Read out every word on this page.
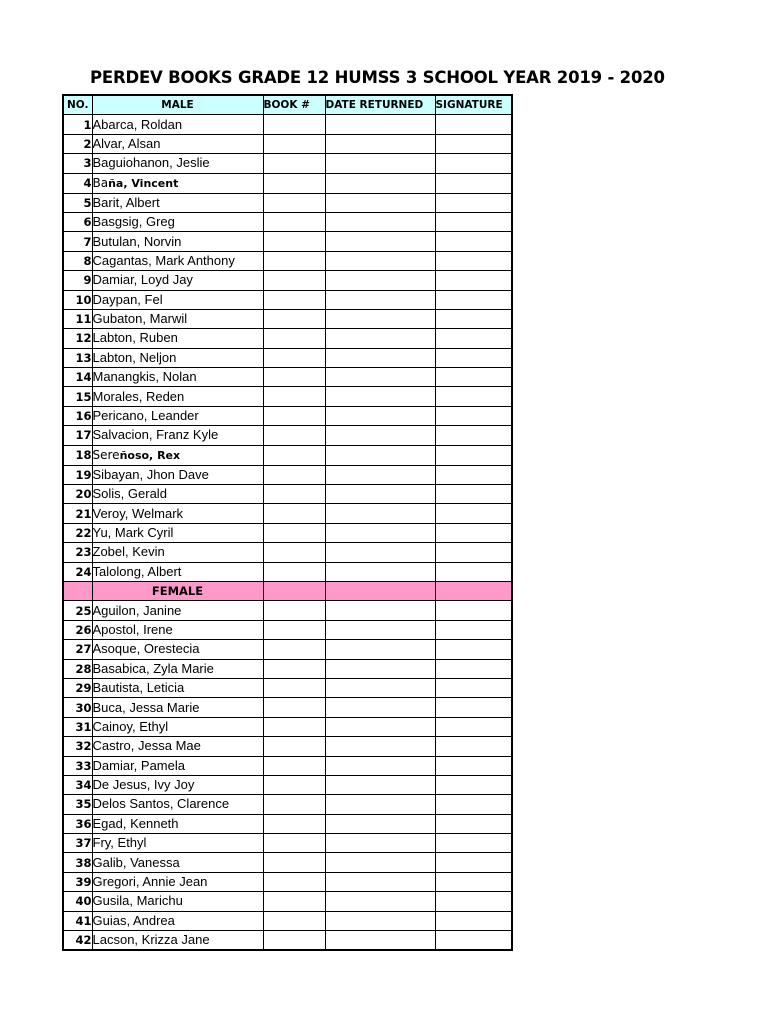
PERDEV BOOKS GRADE 12 HUMSS 3 SCHOOL YEAR 2019 - 2020
NO.	MALE	BOOK #	DATE RETURNED	SIGNATURE
1	Abarca, Roldan			
2	Alvar, Alsan			
3	Baguiohanon, Jeslie			
4	Baña, Vincent			
5	Barit, Albert			
6	Basgsig, Greg			
7	Butulan, Norvin			
8	Cagantas, Mark Anthony			
9	Damiar, Loyd Jay			
10	Daypan, Fel			
11	Gubaton, Marwil			
12	Labton, Ruben			
13	Labton, Neljon			
14	Manangkis, Nolan			
15	Morales, Reden			
16	Pericano, Leander			
17	Salvacion, Franz Kyle			
18	Sereñoso, Rex			
19	Sibayan, Jhon Dave			
20	Solis, Gerald			
21	Veroy, Welmark			
22	Yu, Mark Cyril			
23	Zobel, Kevin			
24	Talolong, Albert			
	FEMALE			
25	Aguilon, Janine			
26	Apostol, Irene			
27	Asoque, Orestecia			
28	Basabica, Zyla Marie			
29	Bautista, Leticia			
30	Buca, Jessa Marie			
31	Cainoy, Ethyl			
32	Castro, Jessa Mae			
33	Damiar, Pamela			
34	De Jesus, Ivy Joy			
35	Delos Santos, Clarence			
36	Egad, Kenneth			
37	Fry, Ethyl			
38	Galib, Vanessa			
39	Gregori, Annie Jean			
40	Gusila, Marichu			
41	Guias, Andrea			
42	Lacson, Krizza Jane			
